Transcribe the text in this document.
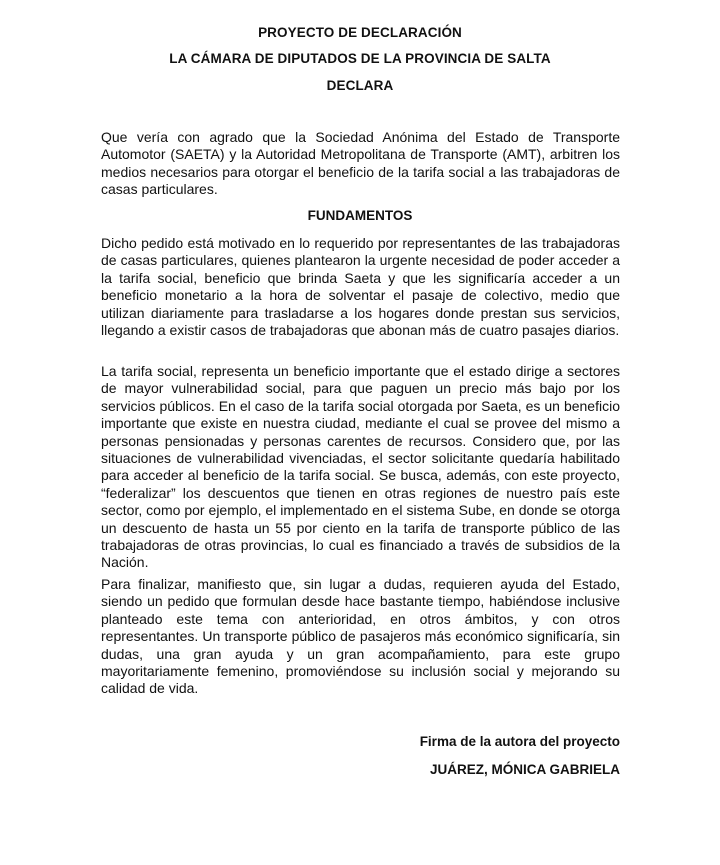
PROYECTO DE DECLARACIÓN
LA CÁMARA DE DIPUTADOS DE LA PROVINCIA DE SALTA
DECLARA

Que vería con agrado que la Sociedad Anónima del Estado de Transporte Automotor (SAETA) y la Autoridad Metropolitana de Transporte (AMT), arbitren los medios necesarios para otorgar el beneficio de la tarifa social a las trabajadoras de casas particulares.

FUNDAMENTOS

Dicho pedido está motivado en lo requerido por representantes de las trabajadoras de casas particulares, quienes plantearon la urgente necesidad de poder acceder a la tarifa social, beneficio que brinda Saeta y que les significaría acceder a un beneficio monetario a la hora de solventar el pasaje de colectivo, medio que utilizan diariamente para trasladarse a los hogares donde prestan sus servicios, llegando a existir casos de trabajadoras que abonan más de cuatro pasajes diarios.

La tarifa social, representa un beneficio importante que el estado dirige a sectores de mayor vulnerabilidad social, para que paguen un precio más bajo por los servicios públicos. En el caso de la tarifa social otorgada por Saeta, es un beneficio importante que existe en nuestra ciudad, mediante el cual se provee del mismo a personas pensionadas y personas carentes de recursos. Considero que, por las situaciones de vulnerabilidad vivenciadas, el sector solicitante quedaría habilitado para acceder al beneficio de la tarifa social. Se busca, además, con este proyecto, “federalizar” los descuentos que tienen en otras regiones de nuestro país este sector, como por ejemplo, el implementado en el sistema Sube, en donde se otorga un descuento de hasta un 55 por ciento en la tarifa de transporte público de las trabajadoras de otras provincias, lo cual es financiado a través de subsidios de la Nación.

Para finalizar, manifiesto que, sin lugar a dudas, requieren ayuda del Estado, siendo un pedido que formulan desde hace bastante tiempo, habiéndose inclusive planteado este tema con anterioridad, en otros ámbitos, y con otros representantes. Un transporte público de pasajeros más económico significaría, sin dudas, una gran ayuda y un gran acompañamiento, para este grupo mayoritariamente femenino, promoviéndose su inclusión social y mejorando su calidad de vida.

Firma de la autora del proyecto
JUÁREZ, MÓNICA GABRIELA
